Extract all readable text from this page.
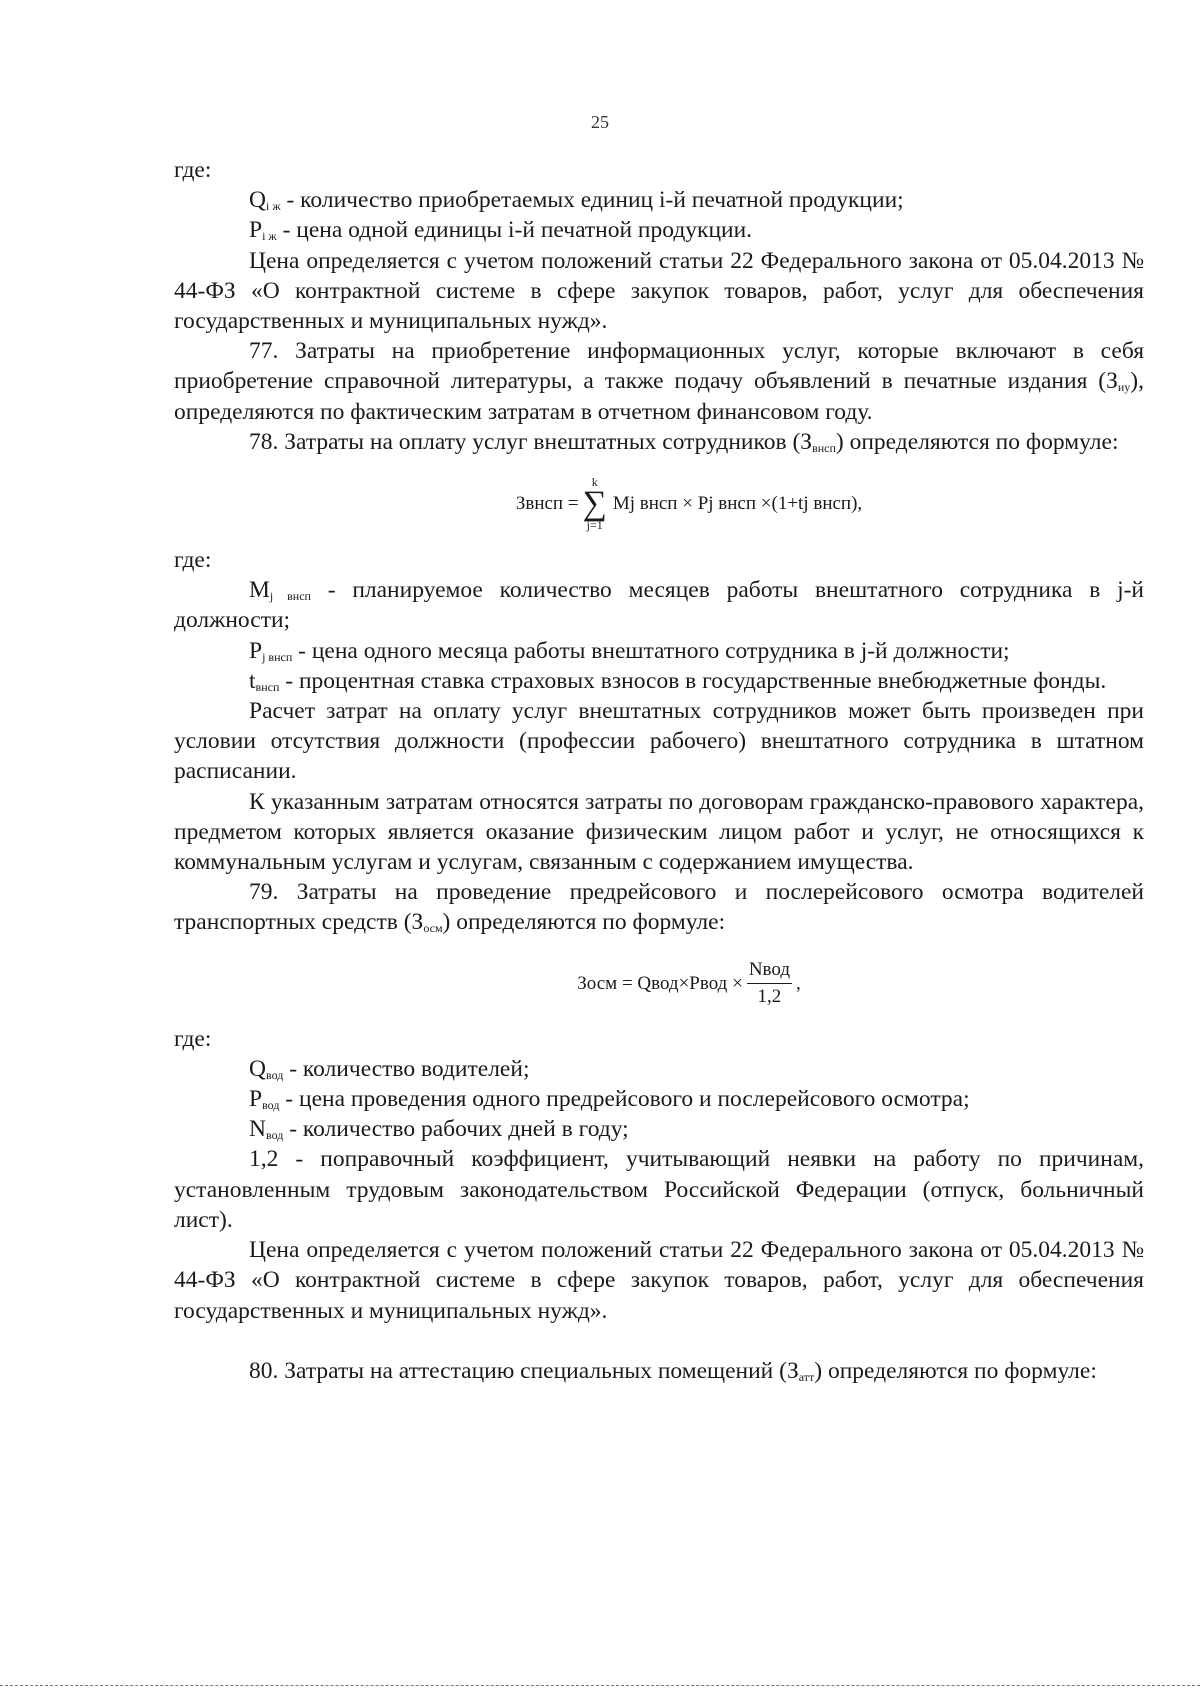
25

где:

$Q_{i ж}$ - количество приобретаемых единиц i-й печатной продукции;

$P_{i ж}$ - цена одной единицы i-й печатной продукции.

Цена определяется с учетом положений статьи 22 Федерального закона от 05.04.2013 № 44-ФЗ «О контрактной системе в сфере закупок товаров, работ, услуг для обеспечения государственных и муниципальных нужд».

77. Затраты на приобретение информационных услуг, которые включают в себя приобретение справочной литературы, а также подачу объявлений в печатные издания $(З_{иу})$, определяются по фактическим затратам в отчетном финансовом году.

78. Затраты на оплату услуг внештатных сотрудников $(З_{внсп})$ определяются по формуле:

Звнсп =
k
∑
j=1
Mj внсп × Pj внсп ×(1+tj внсп),

где:

$M_{j внсп}$ - планируемое количество месяцев работы внештатного сотрудника в j-й должности;

$P_{j внсп}$ - цена одного месяца работы внештатного сотрудника в j-й должности;

$t_{внсп}$ - процентная ставка страховых взносов в государственные внебюджетные фонды.

Расчет затрат на оплату услуг внештатных сотрудников может быть произведен при условии отсутствия должности (профессии рабочего) внештатного сотрудника в штатном расписании.

К указанным затратам относятся затраты по договорам гражданско-правового характера, предметом которых является оказание физическим лицом работ и услуг, не относящихся к коммунальным услугам и услугам, связанным с содержанием имущества.

79. Затраты на проведение предрейсового и послерейсового осмотра водителей транспортных средств $(З_{осм})$ определяются по формуле:

Зосм = Qвод×Pвод × $\frac{\text{Nвод}}{1,2}$ ,

где:

$Q_{вод}$ - количество водителей;

$P_{вод}$ - цена проведения одного предрейсового и послерейсового осмотра;

$N_{вод}$ - количество рабочих дней в году;

1,2 - поправочный коэффициент, учитывающий неявки на работу по причинам, установленным трудовым законодательством Российской Федерации (отпуск, больничный лист).

Цена определяется с учетом положений статьи 22 Федерального закона от 05.04.2013 № 44-ФЗ «О контрактной системе в сфере закупок товаров, работ, услуг для обеспечения государственных и муниципальных нужд».

80. Затраты на аттестацию специальных помещений $(З_{атт})$ определяются по формуле:
